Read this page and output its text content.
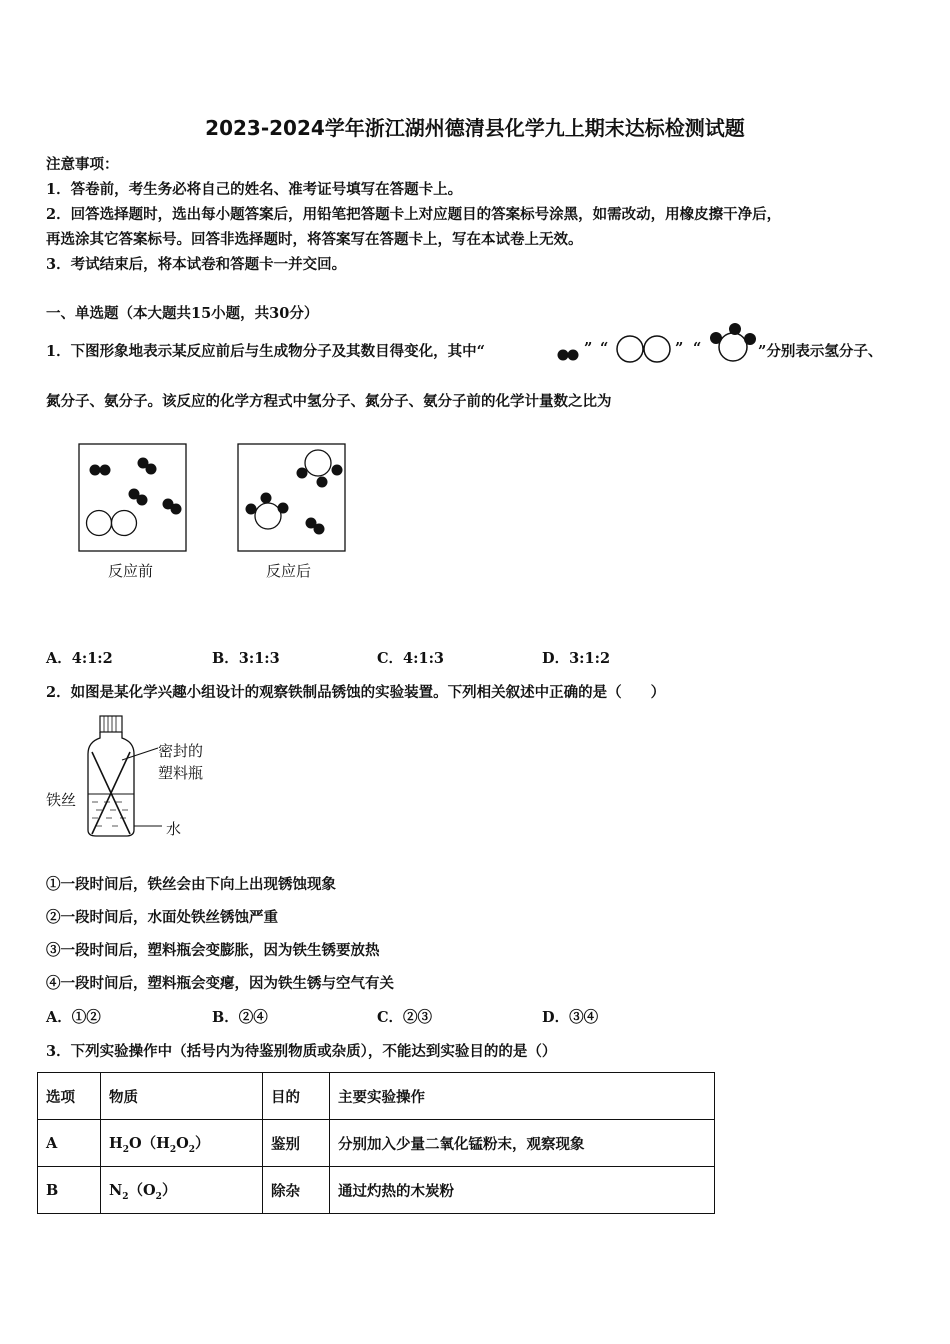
2023-2024学年浙江湖州德清县化学九上期末达标检测试题
注意事项：
1．答卷前，考生务必将自己的姓名、准考证号填写在答题卡上。
2．回答选择题时，选出每小题答案后，用铅笔把答题卡上对应题目的答案标号涂黑，如需改动，用橡皮擦干净后，
再选涂其它答案标号。回答非选择题时，将答案写在答题卡上，写在本试卷上无效。
3．考试结束后，将本试卷和答题卡一并交回。
一、单选题（本大题共15小题，共30分）
1．下图形象地表示某反应前后与生成物分子及其数目得变化，其中“	” “	” “	”分别表示氢分子、
氮分子、氨分子。该反应的化学方程式中氢分子、氮分子、氨分子前的化学计量数之比为
反应前	反应后
A．4:1:2	B．3:1:3	C．4:1:3	D．3:1:2
2．如图是某化学兴趣小组设计的观察铁制品锈蚀的实验装置。下列相关叙述中正确的是（　　）
密封的
塑料瓶
铁丝
水
①一段时间后，铁丝会由下向上出现锈蚀现象
②一段时间后，水面处铁丝锈蚀严重
③一段时间后，塑料瓶会变膨胀，因为铁生锈要放热
④一段时间后，塑料瓶会变瘪，因为铁生锈与空气有关
A．①②	B．②④	C．②③	D．③④
3．下列实验操作中（括号内为待鉴别物质或杂质），不能达到实验目的的是（）
选项	物质	目的	主要实验操作
A	$H_2O(H_2O_2)$	鉴别	分别加入少量二氧化锰粉末，观察现象
B	$N_2(O_2)$	除杂	通过灼热的木炭粉
